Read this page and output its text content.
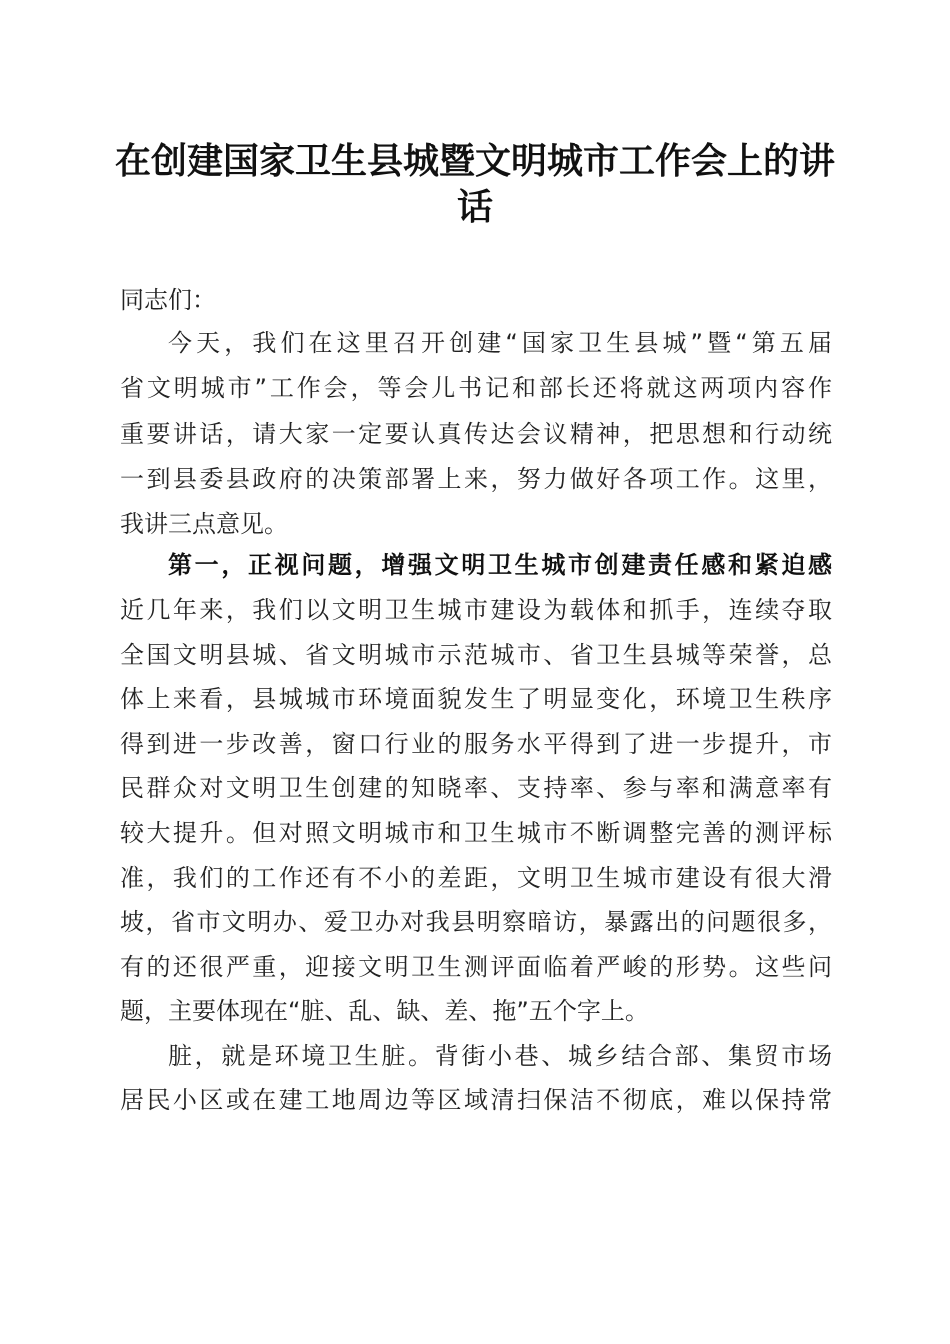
在创建国家卫生县城暨文明城市工作会上的讲
话
同志们：
今天，我们在这里召开创建“国家卫生县城”暨“第五届
省文明城市”工作会，等会儿书记和部长还将就这两项内容作
重要讲话，请大家一定要认真传达会议精神，把思想和行动统
一到县委县政府的决策部署上来，努力做好各项工作。这里，
我讲三点意见。
第一，正视问题，增强文明卫生城市创建责任感和紧迫感
近几年来，我们以文明卫生城市建设为载体和抓手，连续夺取
全国文明县城、省文明城市示范城市、省卫生县城等荣誉，总
体上来看，县城城市环境面貌发生了明显变化，环境卫生秩序
得到进一步改善，窗口行业的服务水平得到了进一步提升，市
民群众对文明卫生创建的知晓率、支持率、参与率和满意率有
较大提升。但对照文明城市和卫生城市不断调整完善的测评标
准，我们的工作还有不小的差距，文明卫生城市建设有很大滑
坡，省市文明办、爱卫办对我县明察暗访，暴露出的问题很多，
有的还很严重，迎接文明卫生测评面临着严峻的形势。这些问
题，主要体现在“脏、乱、缺、差、拖”五个字上。
脏，就是环境卫生脏。背街小巷、城乡结合部、集贸市场
居民小区或在建工地周边等区域清扫保洁不彻底，难以保持常
